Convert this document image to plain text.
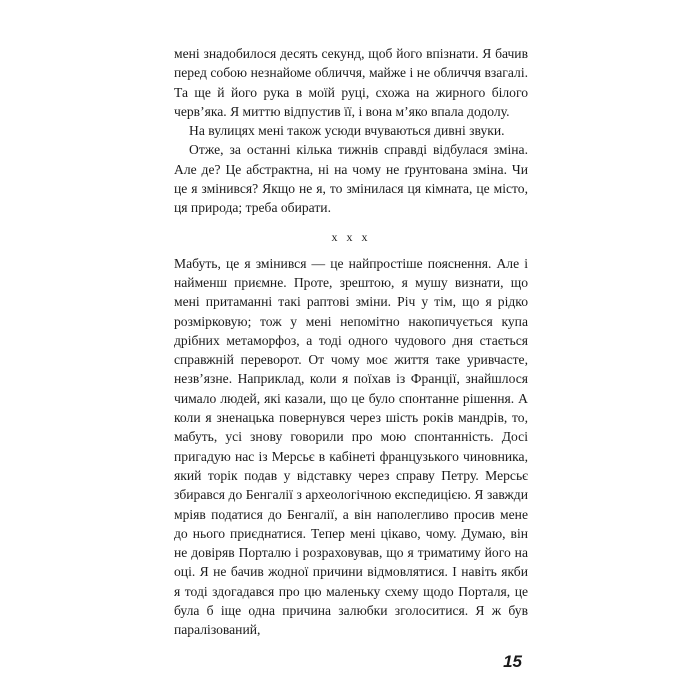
мені знадобилося десять секунд, щоб його впізнати. Я бачив перед собою незнайоме обличчя, майже і не обличчя взагалі. Та ще й його рука в моїй руці, схожа на жирного білого черв’яка. Я миттю відпустив її, і вона м’яко впала додолу.

На вулицях мені також усюди вчуваються дивні звуки.

Отже, за останні кілька тижнів справді відбулася зміна. Але де? Це абстрактна, ні на чому не ґрунтована зміна. Чи це я змінився? Якщо не я, то змінилася ця кімната, це місто, ця природа; треба обирати.

x x x

Мабуть, це я змінився — це найпростіше пояснення. Але і найменш приємне. Проте, зрештою, я мушу визнати, що мені притаманні такі раптові зміни. Річ у тім, що я рідко розмірковую; тож у мені непомітно накопичується купа дрібних метаморфоз, а тоді одного чудового дня стається справжній переворот. От чому моє життя таке уривчасте, незв’язне. Наприклад, коли я поїхав із Франції, знайшлося чимало людей, які казали, що це було спонтанне рішення. А коли я зненацька повернувся через шість років мандрів, то, мабуть, усі знову говорили про мою спонтанність. Досі пригадую нас із Мерсьє в кабінеті французького чиновника, який торік подав у відставку через справу Петру. Мерсьє збирався до Бенгалії з археологічною експедицією. Я завжди мріяв податися до Бенгалії, а він наполегливо просив мене до нього приєднатися. Тепер мені цікаво, чому. Думаю, він не довіряв Порталю і розраховував, що я триматиму його на оці. Я не бачив жодної причини відмовлятися. І навіть якби я тоді здогадався про цю маленьку схему щодо Порталя, це була б іще одна причина залюбки зголоситися. Я ж був паралізований,

15
